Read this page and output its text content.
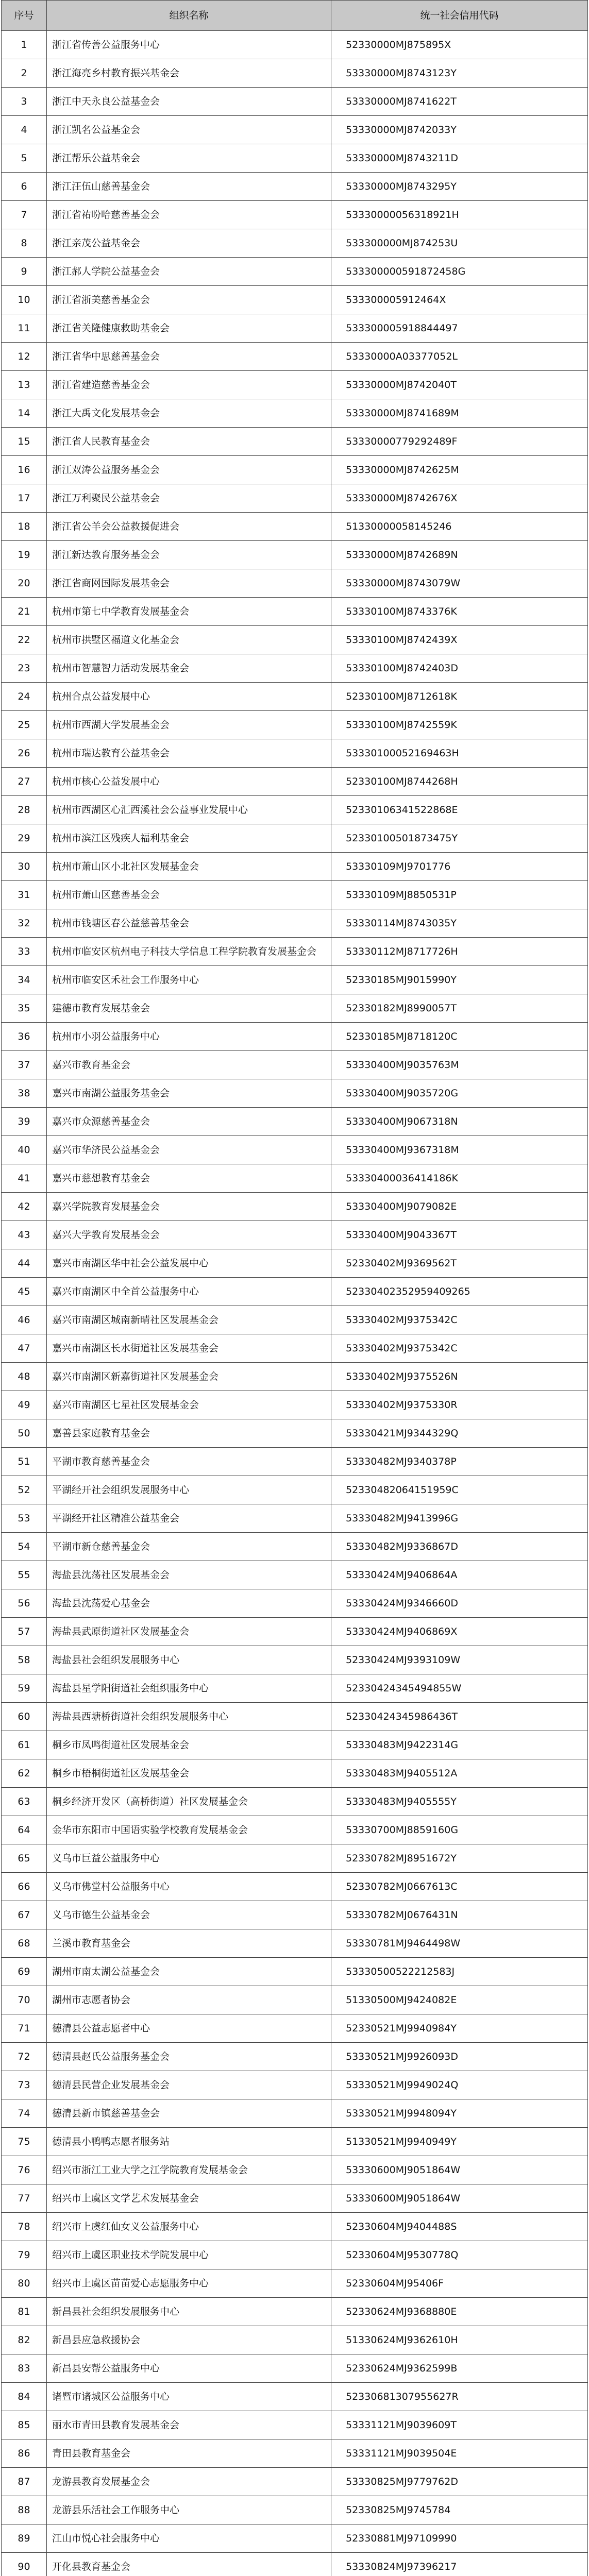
序号	组织名称	统一社会信用代码
1	浙江省传善公益服务中心	52330000MJ875895X
2	浙江海亮乡村教育振兴基金会	53330000MJ8743123Y
3	浙江中天永良公益基金会	53330000MJ8741622T
4	浙江凯名公益基金会	53330000MJ8742033Y
5	浙江帮乐公益基金会	53330000MJ8743211D
6	浙江汪伍山慈善基金会	53330000MJ8743295Y
7	浙江省祐吩哈慈善基金会	53330000056318921H
8	浙江亲茂公益基金会	533300000MJ874253U
9	浙江郝人学院公益基金会	533300000591872458G
10	浙江省浙美慈善基金会	533300005912464X
11	浙江省关隆健康救助基金会	533300005918844497
12	浙江省华中思慈善基金会	53330000A03377052L
13	浙江省建造慈善基金会	53330000MJ8742040T
14	浙江大禹文化发展基金会	53330000MJ8741689M
15	浙江省人民教育基金会	53330000779292489F
16	浙江双涛公益服务基金会	53330000MJ8742625M
17	浙江万利聚民公益基金会	53330000MJ8742676X
18	浙江省公羊会公益救援促进会	51330000058145246
19	浙江新达教育服务基金会	53330000MJ8742689N
20	浙江省商网国际发展基金会	53330000MJ8743079W
21	杭州市第七中学教育发展基金会	53330100MJ8743376K
22	杭州市拱墅区福道文化基金会	53330100MJ8742439X
23	杭州市智慧智力活动发展基金会	53330100MJ8742403D
24	杭州合点公益发展中心	52330100MJ8712618K
25	杭州市西湖大学发展基金会	53330100MJ8742559K
26	杭州市瑞达教育公益基金会	53330100052169463H
27	杭州市核心公益发展中心	52330100MJ8744268H
28	杭州市西湖区心汇西溪社会公益事业发展中心	52330106341522868E
29	杭州市滨江区残疾人福利基金会	52330100501873475Y
30	杭州市萧山区小北社区发展基金会	53330109MJ9701776
31	杭州市萧山区慈善基金会	53330109MJ8850531P
32	杭州市钱塘区春公益慈善基金会	53330114MJ8743035Y
33	杭州市临安区杭州电子科技大学信息工程学院教育发展基金会	53330112MJ8717726H
34	杭州市临安区禾社会工作服务中心	52330185MJ9015990Y
35	建德市教育发展基金会	52330182MJ8990057T
36	杭州市小羽公益服务中心	52330185MJ8718120C
37	嘉兴市教育基金会	53330400MJ9035763M
38	嘉兴市南湖公益服务基金会	53330400MJ9035720G
39	嘉兴市众源慈善基金会	53330400MJ9067318N
40	嘉兴市华济民公益基金会	53330400MJ9367318M
41	嘉兴市慈想教育基金会	53330400036414186K
42	嘉兴学院教育发展基金会	53330400MJ9079082E
43	嘉兴大学教育发展基金会	53330400MJ9043367T
44	嘉兴市南湖区华中社会公益发展中心	52330402MJ9369562T
45	嘉兴市南湖区中全首公益服务中心	52330402352959409265
46	嘉兴市南湖区城南新晴社区发展基金会	53330402MJ9375342C
47	嘉兴市南湖区长水街道社区发展基金会	53330402MJ9375342C
48	嘉兴市南湖区新嘉街道社区发展基金会	53330402MJ9375526N
49	嘉兴市南湖区七星社区发展基金会	53330402MJ9375330R
50	嘉善县家庭教育基金会	53330421MJ9344329Q
51	平湖市教育慈善基金会	53330482MJ9340378P
52	平湖经开社会组织发展服务中心	52330482064151959C
53	平湖经开社区精准公益基金会	53330482MJ9413996G
54	平湖市新仓慈善基金会	53330482MJ9336867D
55	海盐县沈荡社区发展基金会	53330424MJ9406864A
56	海盐县沈荡爱心基金会	53330424MJ9346660D
57	海盐县武原街道社区发展基金会	53330424MJ9406869X
58	海盐县社会组织发展服务中心	52330424MJ9393109W
59	海盐县星学阳街道社会组织服务中心	52330424345494855W
60	海盐县西塘桥街道社会组织发展服务中心	52330424345986436T
61	桐乡市凤鸣街道社区发展基金会	53330483MJ9422314G
62	桐乡市梧桐街道社区发展基金会	53330483MJ9405512A
63	桐乡经济开发区（高桥街道）社区发展基金会	53330483MJ9405555Y
64	金华市东阳市中国语实验学校教育发展基金会	53330700MJ8859160G
65	义乌市巨益公益服务中心	52330782MJ8951672Y
66	义乌市佛堂村公益服务中心	52330782MJ0667613C
67	义乌市德生公益基金会	53330782MJ0676431N
68	兰溪市教育基金会	53330781MJ9464498W
69	湖州市南太湖公益基金会	53330500522212583J
70	湖州市志愿者协会	51330500MJ9424082E
71	德清县公益志愿者中心	52330521MJ9940984Y
72	德清县赵氏公益服务基金会	53330521MJ9926093D
73	德清县民营企业发展基金会	53330521MJ9949024Q
74	德清县新市镇慈善基金会	53330521MJ9948094Y
75	德清县小鸭鸭志愿者服务站	51330521MJ9940949Y
76	绍兴市浙江工业大学之江学院教育发展基金会	53330600MJ9051864W
77	绍兴市上虞区文学艺术发展基金会	53330600MJ9051864W
78	绍兴市上虞红仙女义公益服务中心	52330604MJ9404488S
79	绍兴市上虞区职业技术学院发展中心	52330604MJ9530778Q
80	绍兴市上虞区苗苗爱心志愿服务中心	52330604MJ95406F
81	新昌县社会组织发展服务中心	52330624MJ9368880E
82	新昌县应急救援协会	51330624MJ9362610H
83	新昌县安帮公益服务中心	52330624MJ9362599B
84	诸暨市诸城区公益服务中心	52330681307955627R
85	丽水市青田县教育发展基金会	53331121MJ9039609T
86	青田县教育基金会	53331121MJ9039504E
87	龙游县教育发展基金会	53330825MJ9779762D
88	龙游县乐活社会工作服务中心	52330825MJ9745784
89	江山市悦心社会服务中心	52330881MJ97109990
90	开化县教育基金会	53330824MJ97396217
